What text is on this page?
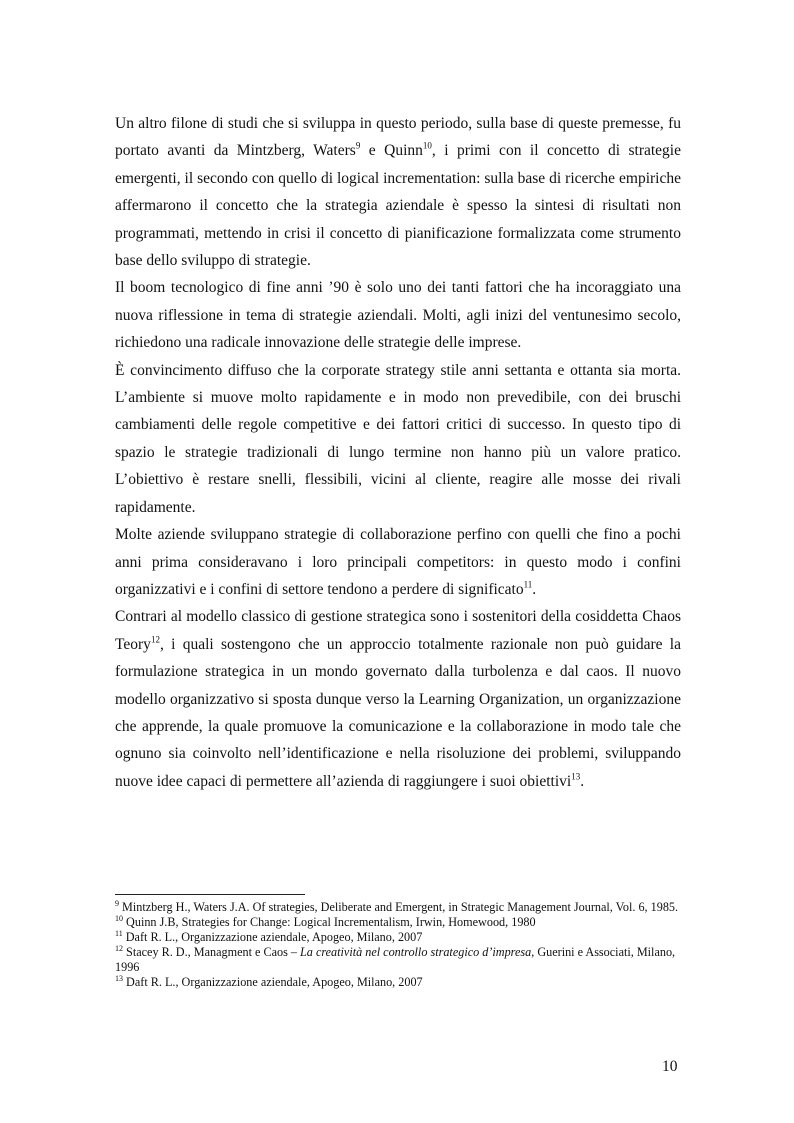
Un altro filone di studi che si sviluppa in questo periodo, sulla base di queste premesse, fu portato avanti da Mintzberg, Waters$^9$ e Quinn$^{10}$, i primi con il concetto di strategie emergenti, il secondo con quello di logical incrementation: sulla base di ricerche empiriche affermarono il concetto che la strategia aziendale è spesso la sintesi di risultati non programmati, mettendo in crisi il concetto di pianificazione formalizzata come strumento base dello sviluppo di strategie.

Il boom tecnologico di fine anni ’90 è solo uno dei tanti fattori che ha incoraggiato una nuova riflessione in tema di strategie aziendali. Molti, agli inizi del ventunesimo secolo, richiedono una radicale innovazione delle strategie delle imprese.

È convincimento diffuso che la corporate strategy stile anni settanta e ottanta sia morta. L’ambiente si muove molto rapidamente e in modo non prevedibile, con dei bruschi cambiamenti delle regole competitive e dei fattori critici di successo. In questo tipo di spazio le strategie tradizionali di lungo termine non hanno più un valore pratico. L’obiettivo è restare snelli, flessibili, vicini al cliente, reagire alle mosse dei rivali rapidamente.

Molte aziende sviluppano strategie di collaborazione perfino con quelli che fino a pochi anni prima consideravano i loro principali competitors: in questo modo i confini organizzativi e i confini di settore tendono a perdere di significato$^{11}$.

Contrari al modello classico di gestione strategica sono i sostenitori della cosiddetta Chaos Teory$^{12}$, i quali sostengono che un approccio totalmente razionale non può guidare la formulazione strategica in un mondo governato dalla turbolenza e dal caos. Il nuovo modello organizzativo si sposta dunque verso la Learning Organization, un organizzazione che apprende, la quale promuove la comunicazione e la collaborazione in modo tale che ognuno sia coinvolto nell’identificazione e nella risoluzione dei problemi, sviluppando nuove idee capaci di permettere all’azienda di raggiungere i suoi obiettivi$^{13}$.

$^9$ Mintzberg H., Waters J.A. Of strategies, Deliberate and Emergent, in Strategic Management Journal, Vol. 6, 1985.

$^{10}$ Quinn J.B, Strategies for Change: Logical Incrementalism, Irwin, Homewood, 1980

$^{11}$ Daft R. L., Organizzazione aziendale, Apogeo, Milano, 2007

$^{12}$ Stacey R. D., Managment e Caos – La creatività nel controllo strategico d’impresa, Guerini e Associati, Milano, 1996

$^{13}$ Daft R. L., Organizzazione aziendale, Apogeo, Milano, 2007

10
